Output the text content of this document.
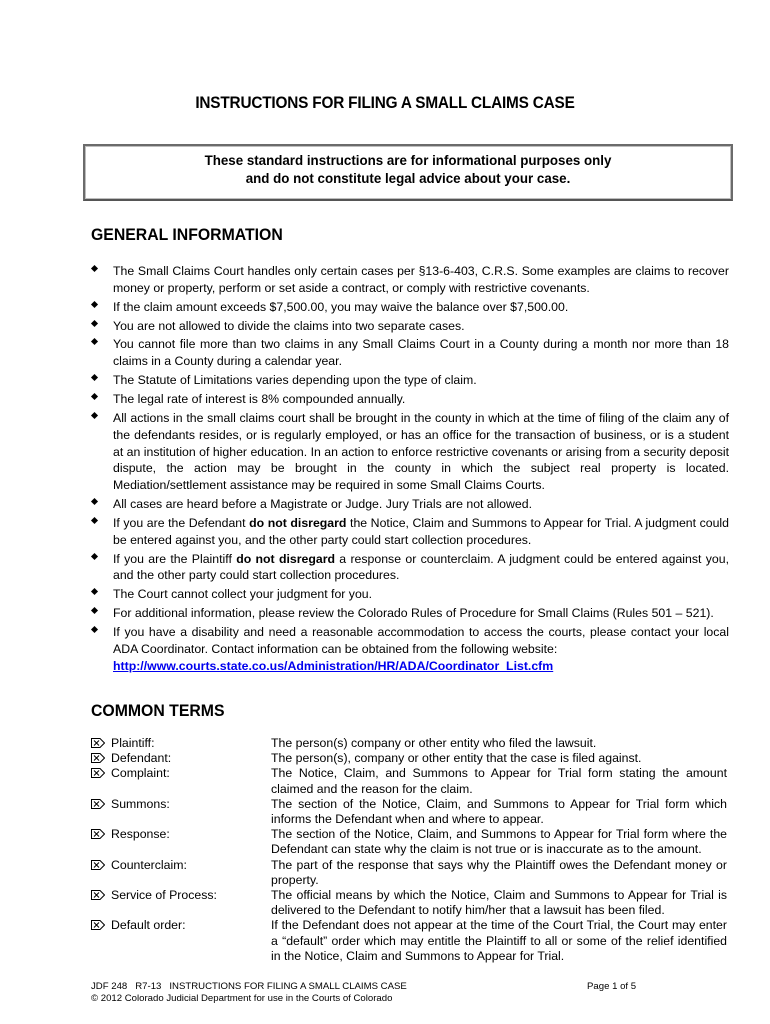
INSTRUCTIONS FOR FILING A SMALL CLAIMS CASE
These standard instructions are for informational purposes only
and do not constitute legal advice about your case.
GENERAL INFORMATION
The Small Claims Court handles only certain cases per §13-6-403, C.R.S. Some examples are claims to recover money or property, perform or set aside a contract, or comply with restrictive covenants.
If the claim amount exceeds $7,500.00, you may waive the balance over $7,500.00.
You are not allowed to divide the claims into two separate cases.
You cannot file more than two claims in any Small Claims Court in a County during a month nor more than 18 claims in a County during a calendar year.
The Statute of Limitations varies depending upon the type of claim.
The legal rate of interest is 8% compounded annually.
All actions in the small claims court shall be brought in the county in which at the time of filing of the claim any of the defendants resides, or is regularly employed, or has an office for the transaction of business, or is a student at an institution of higher education. In an action to enforce restrictive covenants or arising from a security deposit dispute, the action may be brought in the county in which the subject real property is located. Mediation/settlement assistance may be required in some Small Claims Courts.
All cases are heard before a Magistrate or Judge. Jury Trials are not allowed.
If you are the Defendant do not disregard the Notice, Claim and Summons to Appear for Trial. A judgment could be entered against you, and the other party could start collection procedures.
If you are the Plaintiff do not disregard a response or counterclaim. A judgment could be entered against you, and the other party could start collection procedures.
The Court cannot collect your judgment for you.
For additional information, please review the Colorado Rules of Procedure for Small Claims (Rules 501 – 521).
If you have a disability and need a reasonable accommodation to access the courts, please contact your local ADA Coordinator. Contact information can be obtained from the following website:
http://www.courts.state.co.us/Administration/HR/ADA/Coordinator_List.cfm
COMMON TERMS
Plaintiff:	The person(s) company or other entity who filed the lawsuit.
Defendant:	The person(s), company or other entity that the case is filed against.
Complaint:	The Notice, Claim, and Summons to Appear for Trial form stating the amount claimed and the reason for the claim.
Summons:	The section of the Notice, Claim, and Summons to Appear for Trial form which informs the Defendant when and where to appear.
Response:	The section of the Notice, Claim, and Summons to Appear for Trial form where the Defendant can state why the claim is not true or is inaccurate as to the amount.
Counterclaim:	The part of the response that says why the Plaintiff owes the Defendant money or property.
Service of Process:	The official means by which the Notice, Claim and Summons to Appear for Trial is delivered to the Defendant to notify him/her that a lawsuit has been filed.
Default order:	If the Defendant does not appear at the time of the Court Trial, the Court may enter a “default” order which may entitle the Plaintiff to all or some of the relief identified in the Notice, Claim and Summons to Appear for Trial.
JDF 248   R7-13   INSTRUCTIONS FOR FILING A SMALL CLAIMS CASE
© 2012 Colorado Judicial Department for use in the Courts of Colorado
Page 1 of 5
